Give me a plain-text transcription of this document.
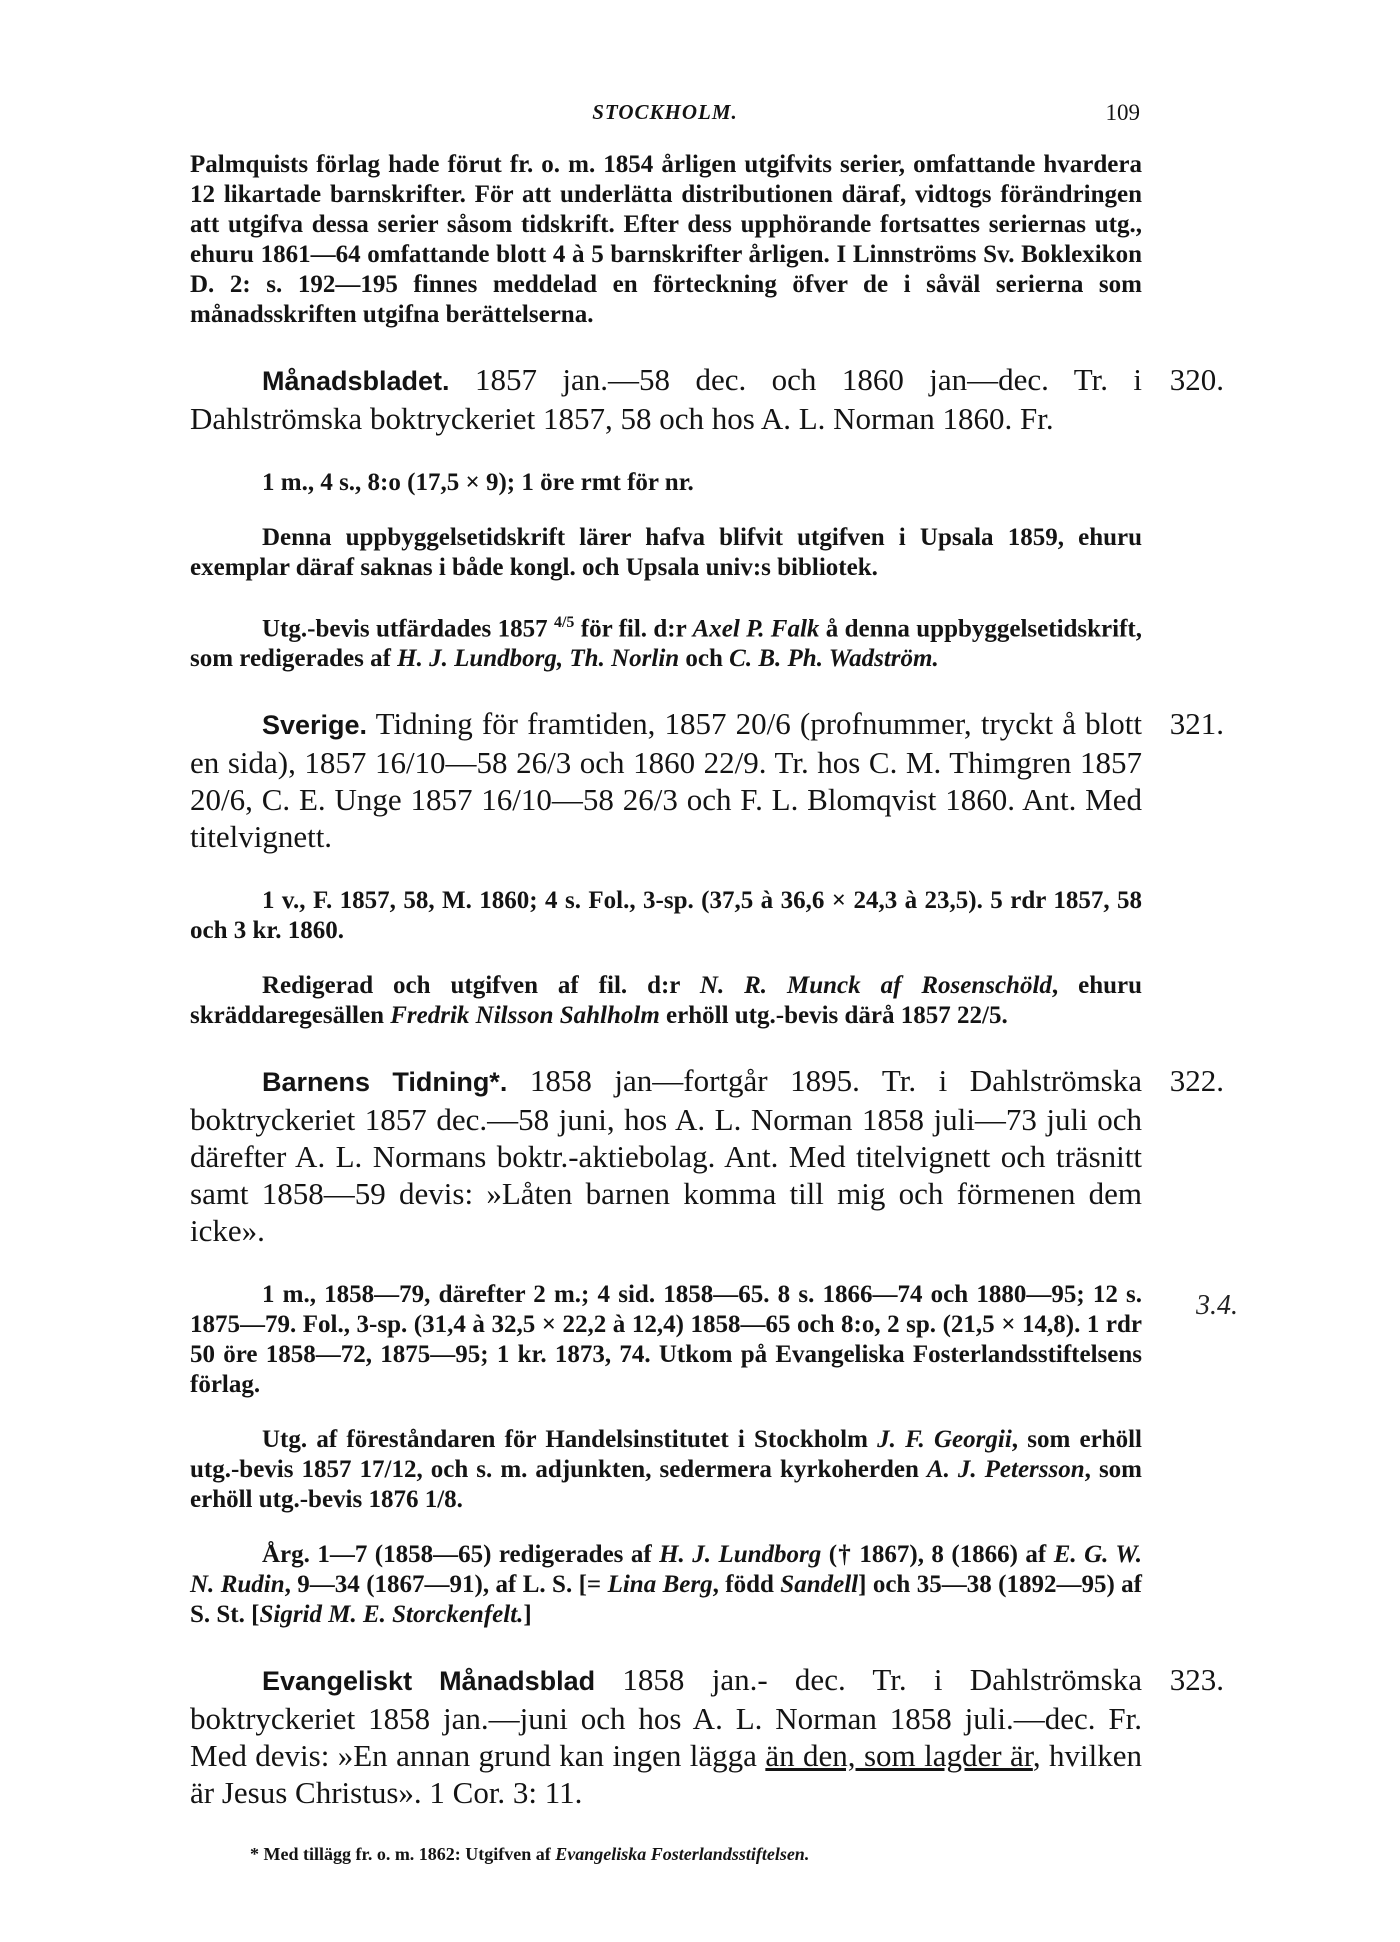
STOCKHOLM.	109

Palmquists förlag hade förut fr. o. m. 1854 årligen utgifvits serier, omfattande hvardera 12 likartade barnskrifter. För att underlätta distributionen däraf, vidtogs förändringen att utgifva dessa serier såsom tidskrift. Efter dess upphörande fortsattes seriernas utg., ehuru 1861—64 omfattande blott 4 à 5 barnskrifter årligen. I Linnströms Sv. Boklexikon D. 2: s. 192—195 finnes meddelad en förteckning öfver de i såväl serierna som månadsskriften utgifna berättelserna.

320.

Månadsbladet. 1857 jan.—58 dec. och 1860 jan—dec. Tr. i Dahlströmska boktryckeriet 1857, 58 och hos A. L. Norman 1860. Fr.

1 m., 4 s., 8:o (17,5 × 9); 1 öre rmt för nr.

Denna uppbyggelsetidskrift lärer hafva blifvit utgifven i Upsala 1859, ehuru exemplar däraf saknas i både kongl. och Upsala univ:s bibliotek.

Utg.-bevis utfärdades 1857 $^{4/5}$ för fil. d:r Axel P. Falk å denna uppbyggelsetidskrift, som redigerades af H. J. Lundborg, Th. Norlin och C. B. Ph. Wadström.

321.

Sverige. Tidning för framtiden, 1857 20/6 (profnummer, tryckt å blott en sida), 1857 16/10—58 26/3 och 1860 22/9. Tr. hos C. M. Thimgren 1857 20/6, C. E. Unge 1857 16/10—58 26/3 och F. L. Blomqvist 1860. Ant. Med titelvignett.

1 v., F. 1857, 58, M. 1860; 4 s. Fol., 3-sp. (37,5 à 36,6 × 24,3 à 23,5). 5 rdr 1857, 58 och 3 kr. 1860.

Redigerad och utgifven af fil. d:r N. R. Munck af Rosenschöld, ehuru skräddaregesällen Fredrik Nilsson Sahlholm erhöll utg.-bevis därå 1857 22/5.

322.

Barnens Tidning*. 1858 jan—fortgår 1895. Tr. i Dahlströmska boktryckeriet 1857 dec.—58 juni, hos A. L. Norman 1858 juli—73 juli och därefter A. L. Normans boktr.-aktiebolag. Ant. Med titelvignett och träsnitt samt 1858—59 devis: »Låten barnen komma till mig och förmenen dem icke».

1 m., 1858—79, därefter 2 m.; 4 sid. 1858—65. 8 s. 1866—74 och 1880—95; 12 s. 1875—79. Fol., 3-sp. (31,4 à 32,5 × 22,2 à 12,4) 1858—65 och 8:o, 2 sp. (21,5 × 14,8). 1 rdr 50 öre 1858—72, 1875—95; 1 kr. 1873, 74. Utkom på Evangeliska Fosterlandsstiftelsens förlag.

Utg. af föreståndaren för Handelsinstitutet i Stockholm J. F. Georgii, som erhöll utg.-bevis 1857 17/12, och s. m. adjunkten, sedermera kyrkoherden A. J. Petersson, som erhöll utg.-bevis 1876 1/8.

Årg. 1—7 (1858—65) redigerades af H. J. Lundborg († 1867), 8 (1866) af E. G. W. N. Rudin, 9—34 (1867—91), af L. S. [= Lina Berg, född Sandell] och 35—38 (1892—95) af S. St. [Sigrid M. E. Storckenfelt.]

323.

Evangeliskt Månadsblad 1858 jan.- dec. Tr. i Dahlströmska boktryckeriet 1858 jan.—juni och hos A. L. Norman 1858 juli.—dec. Fr. Med devis: »En annan grund kan ingen lägga än den, som lagder är, hvilken är Jesus Christus». 1 Cor. 3: 11.

* Med tillägg fr. o. m. 1862: Utgifven af Evangeliska Fosterlandsstiftelsen.

3.4.
